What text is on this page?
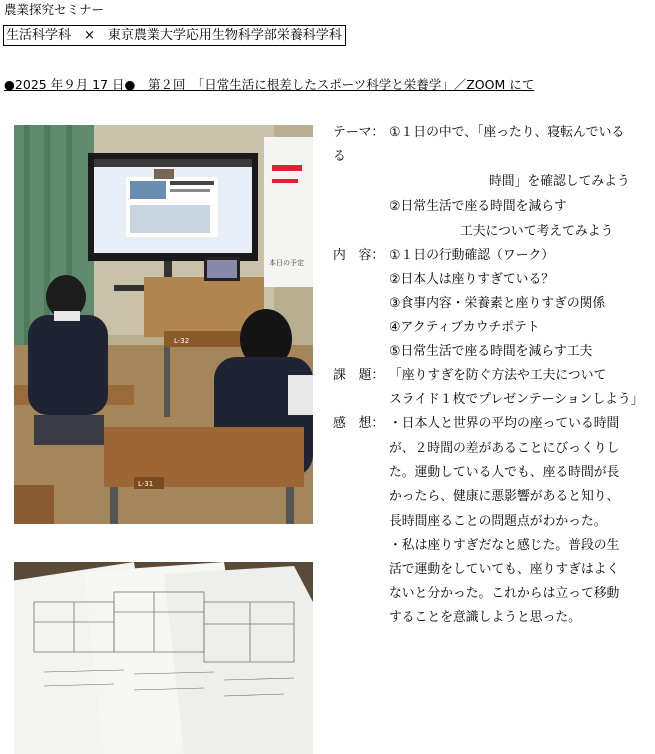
農業探究セミナー
生活科学科　×　東京農業大学応用生物科学部栄養科学科
●2025 年９月 17 日●　第２回　「日常生活に根差したスポーツ科学と栄養学」／ZOOM にて
本日の予定
L-32
L-31
テーマ： ①１日の中で、「座ったり、寝転んでいる
る
時間」を確認してみよう
②日常生活で座る時間を減らす
工夫について考えてみよう
内　容： ①１日の行動確認（ワーク）
②日本人は座りすぎている？
③食事内容・栄養素と座りすぎの関係
④アクティブカウチポテト
⑤日常生活で座る時間を減らす工夫
課　題： 「座りすぎを防ぐ方法や工夫について
スライド１枚でプレゼンテーションしよう」
感　想： ・日本人と世界の平均の座っている時間
が、２時間の差があることにびっくりし
た。運動している人でも、座る時間が長
かったら、健康に悪影響があると知り、
長時間座ることの問題点がわかった。
・私は座りすぎだなと感じた。普段の生
活で運動をしていても、座りすぎはよく
ないと分かった。これからは立って移動
することを意識しようと思った。
